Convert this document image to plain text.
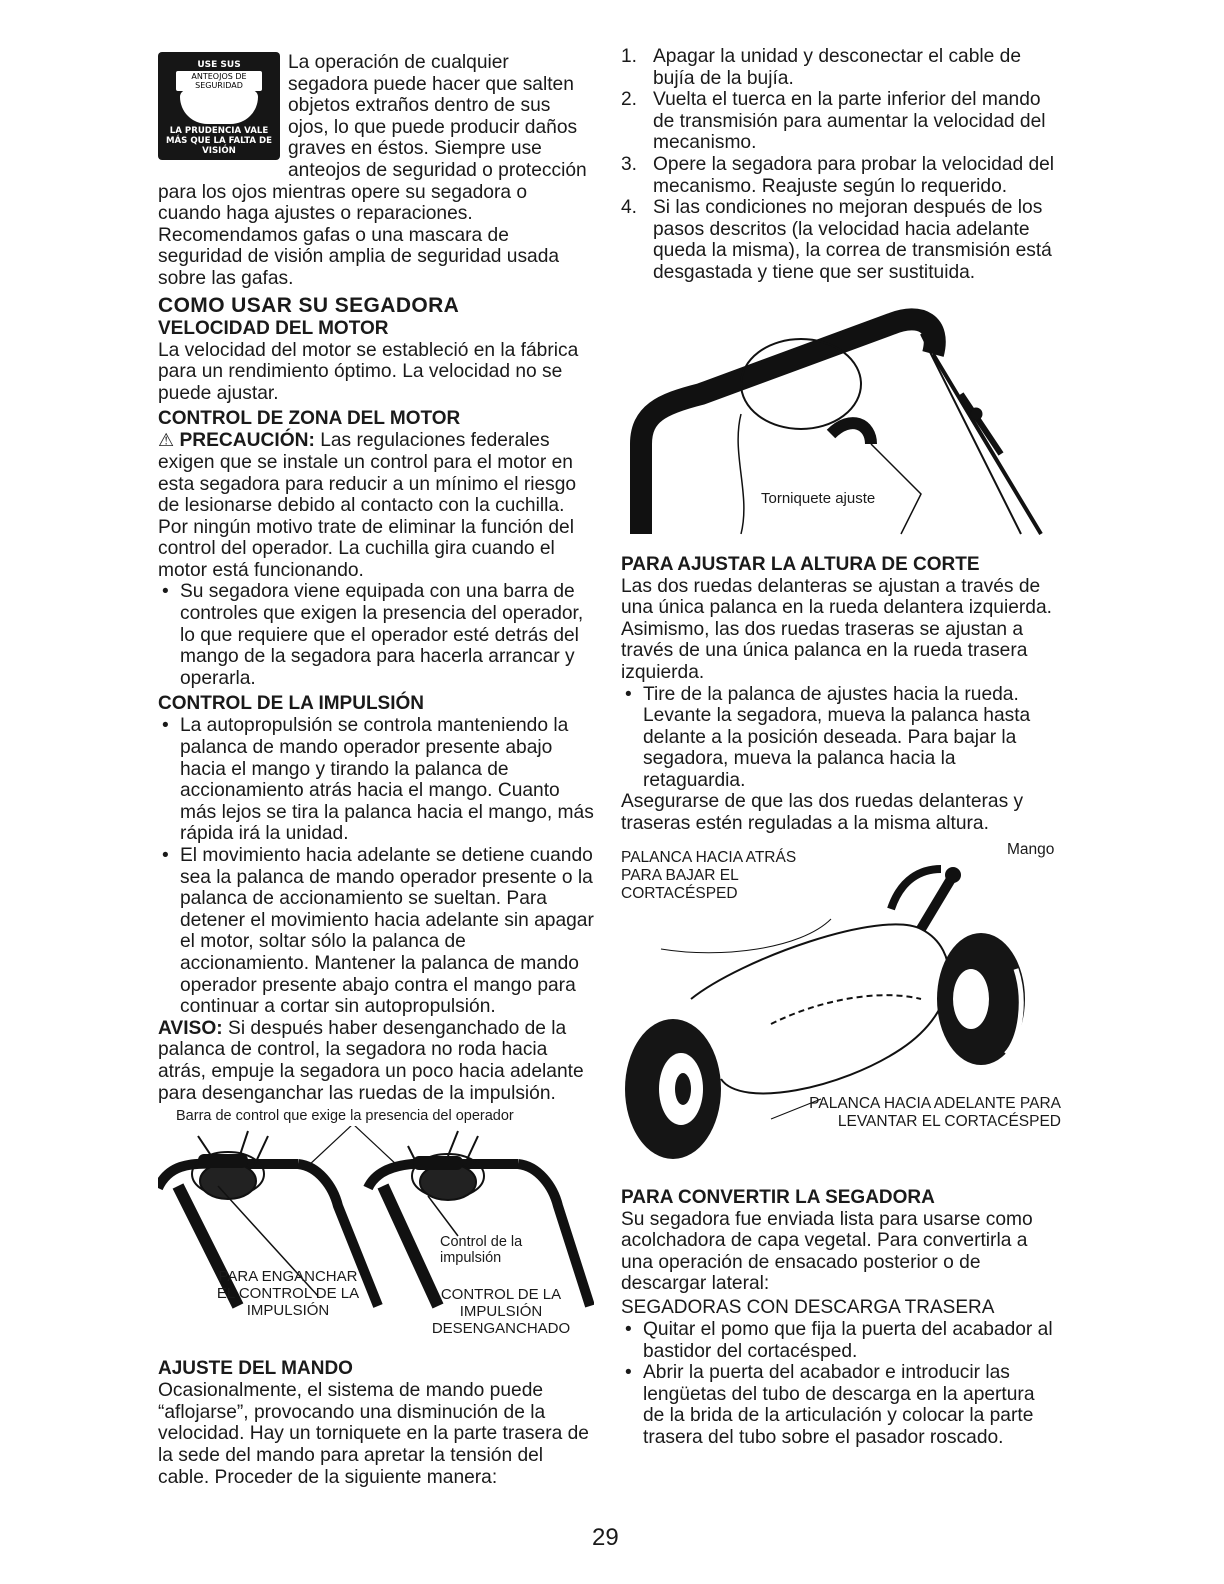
USE SUS
ANTEOJOS DE SEGURIDAD
LA PRUDENCIA VALE MÁS QUE LA FALTA DE VISIÓN

La operación de cualquier segadora puede hacer que salten objetos extraños dentro de sus ojos, lo que puede producir daños graves en éstos. Siempre use anteojos de seguridad o protección para los ojos mientras opere su segadora o cuando haga ajustes o reparaciones. Recomendamos gafas o una mascara de seguridad de visión amplia de seguridad usada sobre las gafas.

COMO USAR SU SEGADORA
VELOCIDAD DEL MOTOR

La velocidad del motor se estableció en la fábrica para un rendimiento óptimo. La velocidad no se puede ajustar.

CONTROL DE ZONA DEL MOTOR

⚠ PRECAUCIÓN: Las regulaciones federales exigen que se instale un control para el motor en esta segadora para reducir a un mínimo el riesgo de lesionarse debido al contacto con la cuchilla. Por ningún motivo trate de eliminar la función del control del operador. La cuchilla gira cuando el motor está funcionando.

• Su segadora viene equipada con una barra de controles que exigen la presencia del operador, lo que requiere que el operador esté detrás del mango de la segadora para hacerla arrancar y operarla.
CONTROL DE LA IMPULSIÓN
• La autopropulsión se controla manteniendo la palanca de mando operador presente abajo hacia el mango y tirando la palanca de accionamiento atrás hacia el mango. Cuanto más lejos se tira la palanca hacia el mango, más rápida irá la unidad.
• El movimiento hacia adelante se detiene cuando sea la palanca de mando operador presente o la palanca de accionamiento se sueltan. Para detener el movimiento hacia adelante sin apagar el motor, soltar sólo la palanca de accionamiento. Mantener la palanca de mando operador presente abajo contra el mango para continuar a cortar sin autopropulsión.

AVISO: Si después haber desenganchado de la palanca de control, la segadora no roda hacia atrás, empuje la segadora un poco hacia adelante para desenganchar las ruedas de la impulsión.

Barra de control que exige la presencia del operador
Control de la impulsión
PARA ENGANCHAR EL CONTROL DE LA IMPULSIÓN
CONTROL DE LA IMPULSIÓN DESENGANCHADO
AJUSTE DEL MANDO

Ocasionalmente, el sistema de mando puede “aflojarse”, provocando una disminución de la velocidad. Hay un torniquete en la parte trasera de la sede del mando para apretar la tensión del cable. Proceder de la siguiente manera:

1. Apagar la unidad y desconectar el cable de bujía de la bujía.
2. Vuelta el tuerca en la parte inferior del mando de transmisión para aumentar la velocidad del mecanismo.
3. Opere la segadora para probar la velocidad del mecanismo. Reajuste según lo requerido.
4. Si las condiciones no mejoran después de los pasos descritos (la velocidad hacia adelante queda la misma), la correa de transmisión está desgastada y tiene que ser sustituida.
Torniquete ajuste
PARA AJUSTAR LA ALTURA DE CORTE

Las dos ruedas delanteras se ajustan a través de una única palanca en la rueda delantera izquierda. Asimismo, las dos ruedas traseras se ajustan a través de una única palanca en la rueda trasera izquierda.

• Tire de la palanca de ajustes hacia la rueda. Levante la segadora, mueva la palanca hasta delante a la posición deseada. Para bajar la segadora, mueva la palanca hacia la retaguardia.

Asegurarse de que las dos ruedas delanteras y traseras estén reguladas a la misma altura.

PALANCA HACIA ATRÁS PARA BAJAR EL CORTACÉSPED
Mango
PALANCA HACIA ADELANTE PARA LEVANTAR EL CORTACÉSPED
PARA CONVERTIR LA SEGADORA

Su segadora fue enviada lista para usarse como acolchadora de capa vegetal. Para convertirla a una operación de ensacado posterior o de descargar lateral:

SEGADORAS CON DESCARGA TRASERA
• Quitar el pomo que fija la puerta del acabador al bastidor del cortacésped.
• Abrir la puerta del acabador e introducir las lengüetas del tubo de descarga en la apertura de la brida de la articulación y colocar la parte trasera del tubo sobre el pasador roscado.
29
